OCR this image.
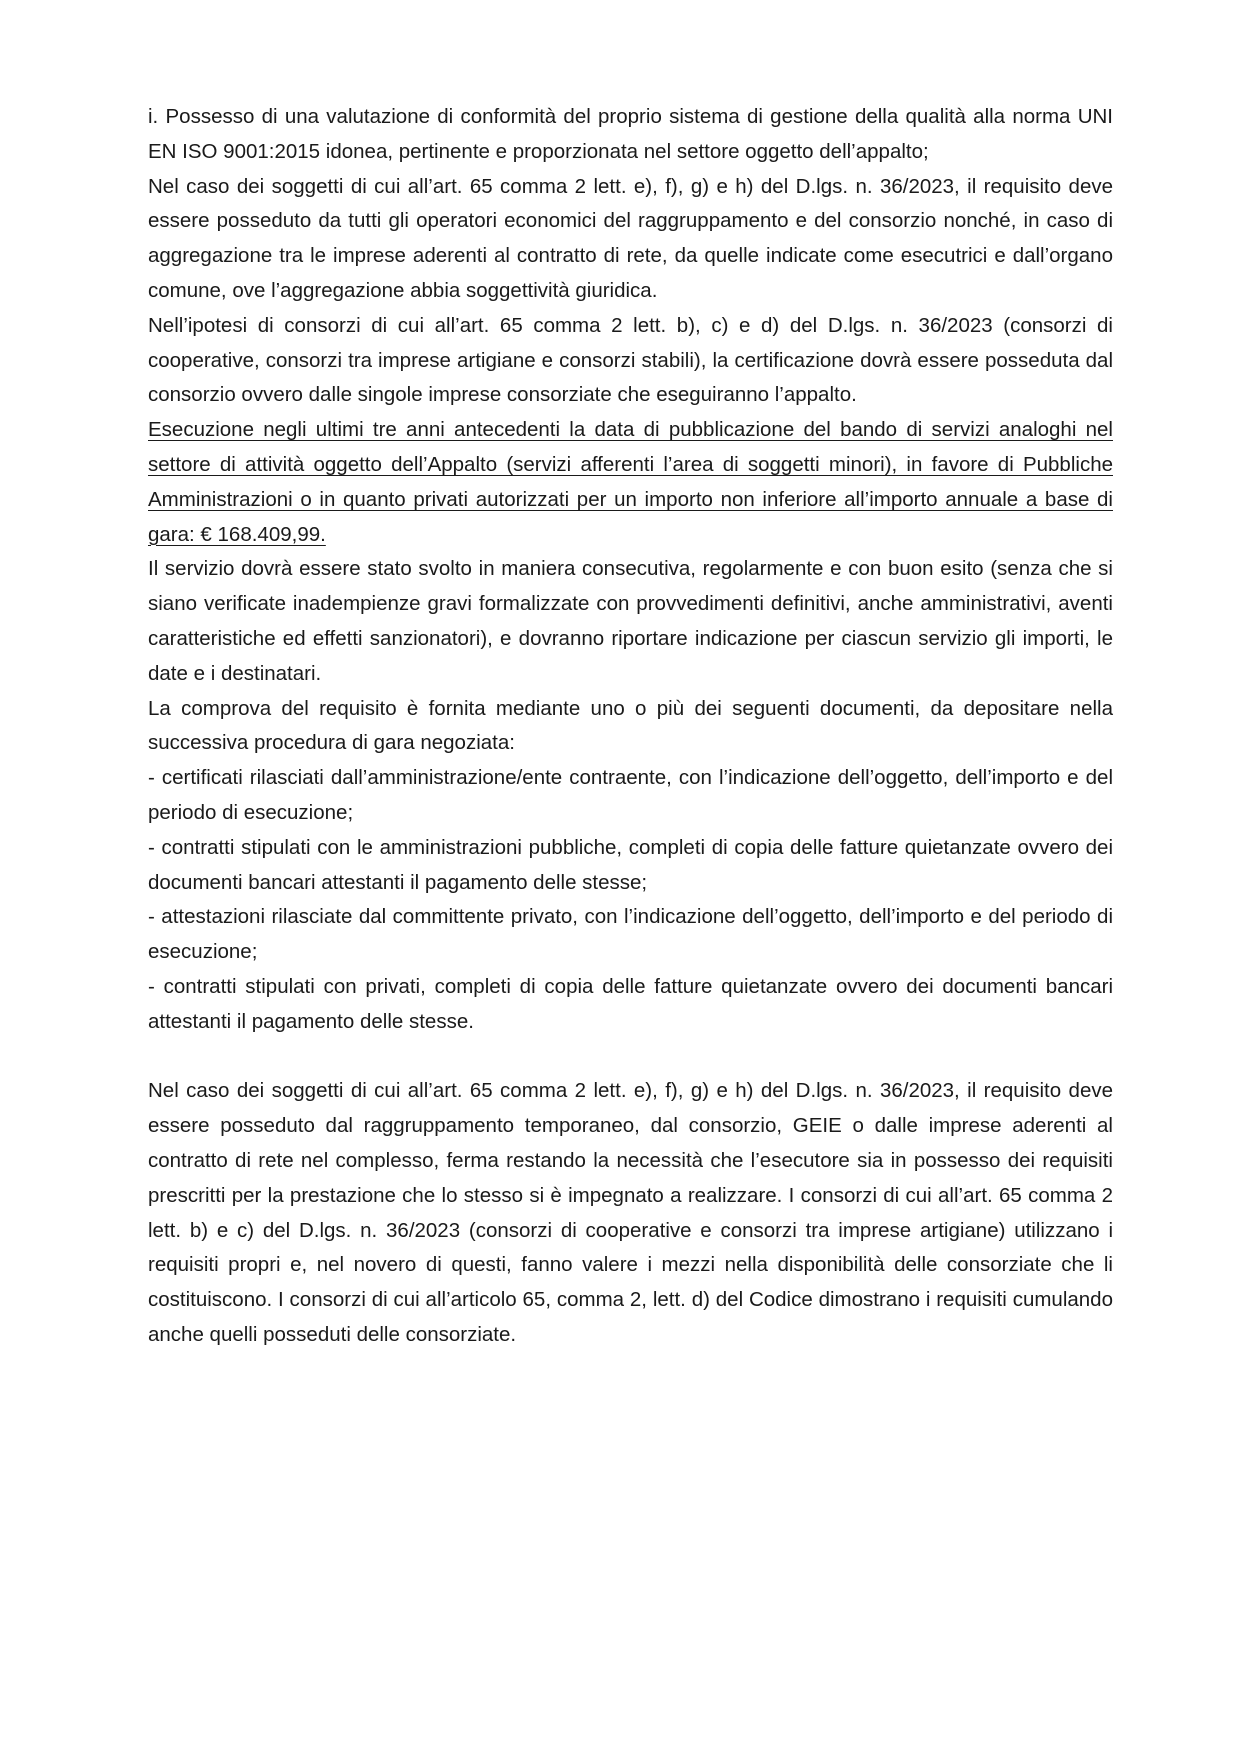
i. Possesso di una valutazione di conformità del proprio sistema di gestione della qualità alla norma UNI EN ISO 9001:2015 idonea, pertinente e proporzionata nel settore oggetto dell’appalto;

Nel caso dei soggetti di cui all’art. 65 comma 2 lett. e), f), g) e h) del D.lgs. n. 36/2023, il requisito deve essere posseduto da tutti gli operatori economici del raggruppamento e del consorzio nonché, in caso di aggregazione tra le imprese aderenti al contratto di rete, da quelle indicate come esecutrici e dall’organo comune, ove l’aggregazione abbia soggettività giuridica.

Nell’ipotesi di consorzi di cui all’art. 65 comma 2 lett. b), c) e d) del D.lgs. n. 36/2023 (consorzi di cooperative, consorzi tra imprese artigiane e consorzi stabili), la certificazione dovrà essere posseduta dal consorzio ovvero dalle singole imprese consorziate che eseguiranno l’appalto.

Esecuzione negli ultimi tre anni antecedenti la data di pubblicazione del bando di servizi analoghi nel settore di attività oggetto dell’Appalto (servizi afferenti l’area di soggetti minori), in favore di Pubbliche Amministrazioni o in quanto privati autorizzati per un importo non inferiore all’importo annuale a base di gara: € 168.409,99.

Il servizio dovrà essere stato svolto in maniera consecutiva, regolarmente e con buon esito (senza che si siano verificate inadempienze gravi formalizzate con provvedimenti definitivi, anche amministrativi, aventi caratteristiche ed effetti sanzionatori), e dovranno riportare indicazione per ciascun servizio gli importi, le date e i destinatari.

La comprova del requisito è fornita mediante uno o più dei seguenti documenti, da depositare nella successiva procedura di gara negoziata:

- certificati rilasciati dall’amministrazione/ente contraente, con l’indicazione dell’oggetto, dell’importo e del periodo di esecuzione;

- contratti stipulati con le amministrazioni pubbliche, completi di copia delle fatture quietanzate ovvero dei documenti bancari attestanti il pagamento delle stesse;

- attestazioni rilasciate dal committente privato, con l’indicazione dell’oggetto, dell’importo e del periodo di esecuzione;

- contratti stipulati con privati, completi di copia delle fatture quietanzate ovvero dei documenti bancari attestanti il pagamento delle stesse.

Nel caso dei soggetti di cui all’art. 65 comma 2 lett. e), f), g) e h) del D.lgs. n. 36/2023, il requisito deve essere posseduto dal raggruppamento temporaneo, dal consorzio, GEIE o dalle imprese aderenti al contratto di rete nel complesso, ferma restando la necessità che l’esecutore sia in possesso dei requisiti prescritti per la prestazione che lo stesso si è impegnato a realizzare. I consorzi di cui all’art. 65 comma 2 lett. b) e c) del D.lgs. n. 36/2023 (consorzi di cooperative e consorzi tra imprese artigiane) utilizzano i requisiti propri e, nel novero di questi, fanno valere i mezzi nella disponibilità delle consorziate che li costituiscono. I consorzi di cui all’articolo 65, comma 2, lett. d) del Codice dimostrano i requisiti cumulando anche quelli posseduti delle consorziate.
